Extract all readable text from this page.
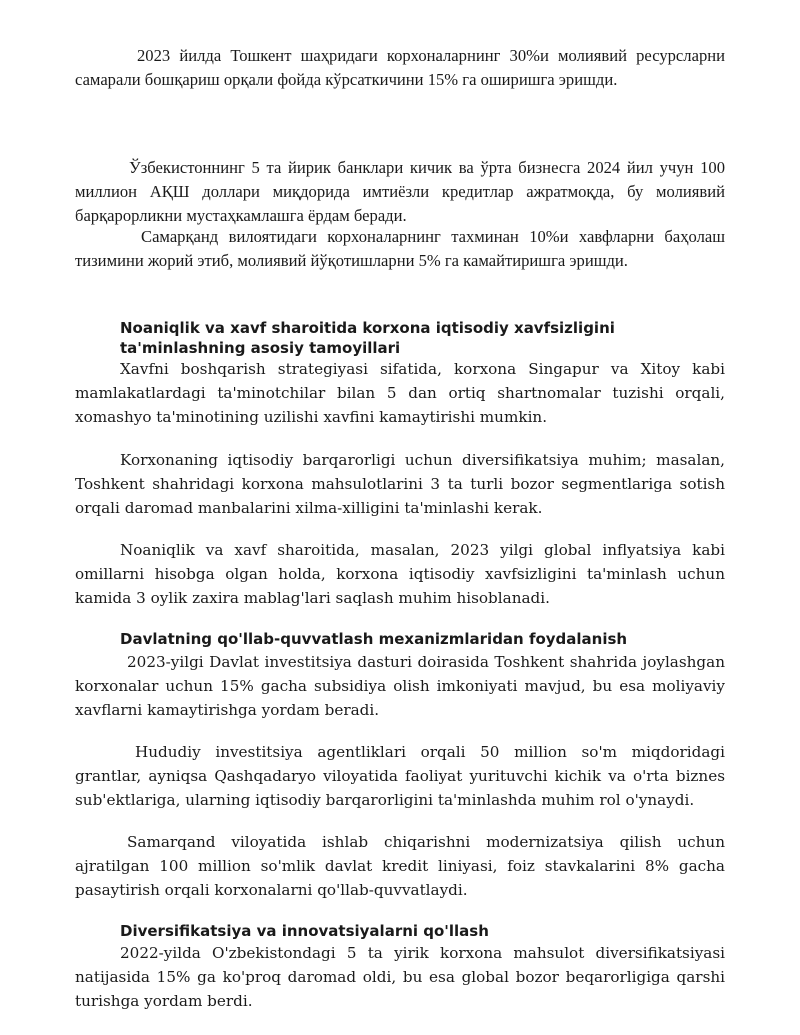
2023 йилда Тошкент шаҳридаги корхоналарнинг 30%и молиявий ресурсларни самарали бошқариш орқали фойда кўрсаткичини 15% га оширишга эришди.

Ўзбекистоннинг 5 та йирик банклари кичик ва ўрта бизнесга 2024 йил учун 100 миллион АҚШ доллари миқдорида имтиёзли кредитлар ажратмоқда, бу молиявий барқарорликни мустаҳкамлашга ёрдам беради.

Самарқанд вилоятидаги корхоналарнинг тахминан 10%и хавфларни баҳолаш тизимини жорий этиб, молиявий йўқотишларни 5% га камайтиришга эришди.

Noaniqlik va xavf sharoitida korxona iqtisodiy xavfsizligini ta'minlashning asosiy tamoyillari

Xavfni boshqarish strategiyasi sifatida, korxona Singapur va Xitoy kabi mamlakatlardagi ta'minotchilar bilan 5 dan ortiq shartnomalar tuzishi orqali, xomashyo ta'minotining uzilishi xavfini kamaytirishi mumkin.

Korxonaning iqtisodiy barqarorligi uchun diversifikatsiya muhim; masalan, Toshkent shahridagi korxona mahsulotlarini 3 ta turli bozor segmentlariga sotish orqali daromad manbalarini xilma-xilligini ta'minlashi kerak.

Noaniqlik va xavf sharoitida, masalan, 2023 yilgi global inflyatsiya kabi omillarni hisobga olgan holda, korxona iqtisodiy xavfsizligini ta'minlash uchun kamida 3 oylik zaxira mablag'lari saqlash muhim hisoblanadi.

Davlatning qo'llab-quvvatlash mexanizmlaridan foydalanish

2023-yilgi Davlat investitsiya dasturi doirasida Toshkent shahrida joylashgan korxonalar uchun 15% gacha subsidiya olish imkoniyati mavjud, bu esa moliyaviy xavflarni kamaytirishga yordam beradi.

Hududiy investitsiya agentliklari orqali 50 million so'm miqdoridagi grantlar, ayniqsa Qashqadaryo viloyatida faoliyat yurituvchi kichik va o'rta biznes sub'ektlariga, ularning iqtisodiy barqarorligini ta'minlashda muhim rol o'ynaydi.

Samarqand viloyatida ishlab chiqarishni modernizatsiya qilish uchun ajratilgan 100 million so'mlik davlat kredit liniyasi, foiz stavkalarini 8% gacha pasaytirish orqali korxonalarni qo'llab-quvvatlaydi.

Diversifikatsiya va innovatsiyalarni qo'llash

2022-yilda O'zbekistondagi 5 ta yirik korxona mahsulot diversifikatsiyasi natijasida 15% ga ko'proq daromad oldi, bu esa global bozor beqarorligiga qarshi turishga yordam berdi.
